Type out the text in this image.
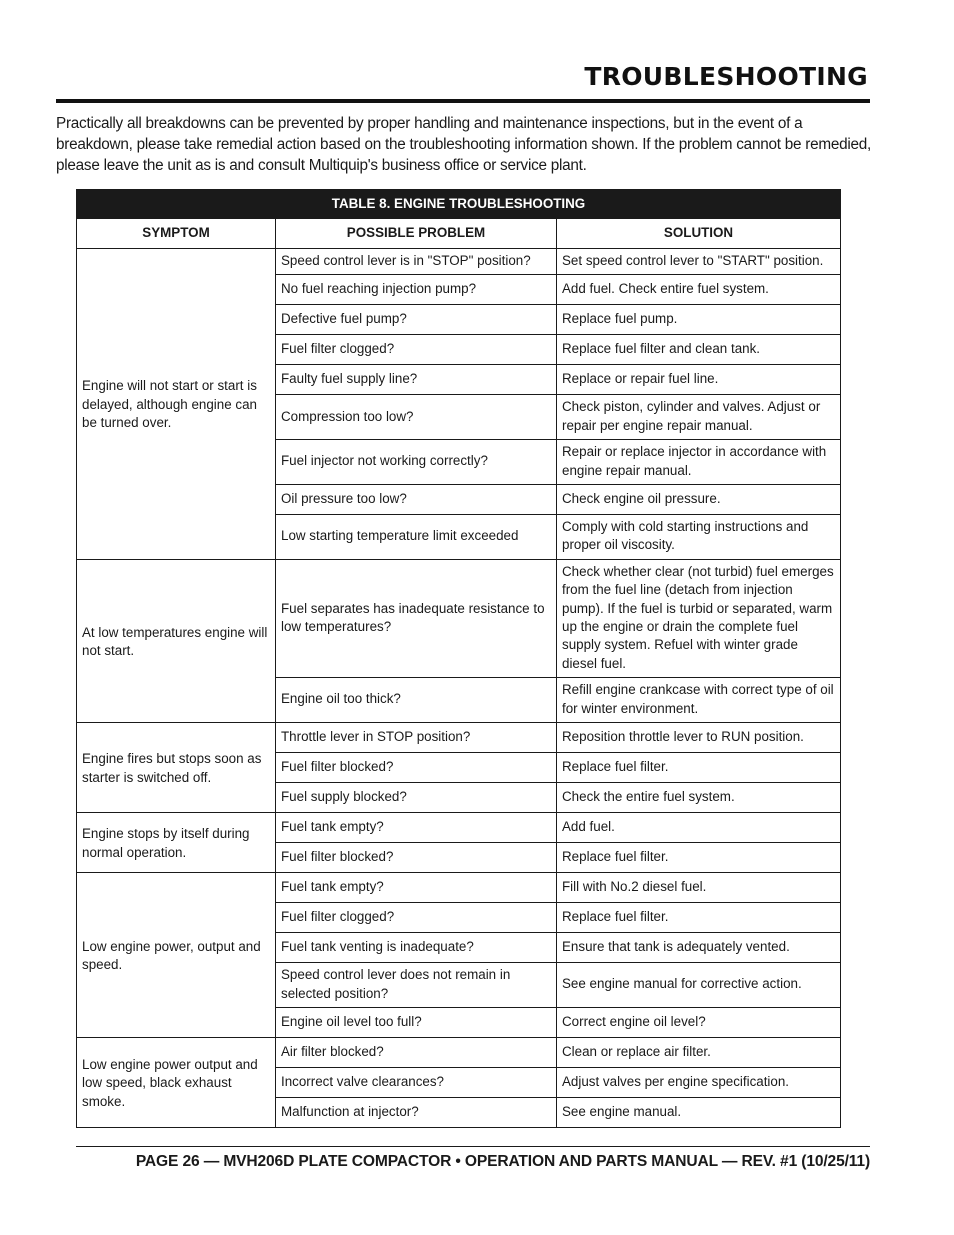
TROUBLESHOOTING

Practically all breakdowns can be prevented by proper handling and maintenance inspections, but in the event of a breakdown, please take remedial action based on the troubleshooting information shown. If the problem cannot be remedied, please leave the unit as is and consult Multiquip's business office or service plant.

TABLE 8. ENGINE TROUBLESHOOTING		
SYMPTOM	POSSIBLE PROBLEM	SOLUTION
Engine will not start or start is delayed, although engine can be turned over.	Speed control lever is in "STOP" position?	Set speed control lever to "START" position.
	No fuel reaching injection pump?	Add fuel. Check entire fuel system.
	Defective fuel pump?	Replace fuel pump.
	Fuel filter clogged?	Replace fuel filter and clean tank.
	Faulty fuel supply line?	Replace or repair fuel line.
	Compression too low?	Check piston, cylinder and valves. Adjust or repair per engine repair manual.
	Fuel injector not working correctly?	Repair or replace injector in accordance with engine repair manual.
	Oil pressure too low?	Check engine oil pressure.
	Low starting temperature limit exceeded	Comply with cold starting instructions and proper oil viscosity.
At low temperatures engine will not start.	Fuel separates has inadequate resistance to low temperatures?	Check whether clear (not turbid) fuel emerges from the fuel line (detach from injection pump). If the fuel is turbid or separated, warm up the engine or drain the complete fuel supply system. Refuel with winter grade diesel fuel.
	Engine oil too thick?	Refill engine crankcase with correct type of oil for winter environment.
Engine fires but stops soon as starter is switched off.	Throttle lever in STOP position?	Reposition throttle lever to RUN position.
	Fuel filter blocked?	Replace fuel filter.
	Fuel supply blocked?	Check the entire fuel system.
Engine stops by itself during normal operation.	Fuel tank empty?	Add fuel.
	Fuel filter blocked?	Replace fuel filter.
Low engine power, output and speed.	Fuel tank empty?	Fill with No.2 diesel fuel.
	Fuel filter clogged?	Replace fuel filter.
	Fuel tank venting is inadequate?	Ensure that tank is adequately vented.
	Speed control lever does not remain in selected position?	See engine manual for corrective action.
	Engine oil level too full?	Correct engine oil level?
Low engine power output and low speed, black exhaust smoke.	Air filter blocked?	Clean or replace air filter.
	Incorrect valve clearances?	Adjust valves per engine specification.
	Malfunction at injector?	See engine manual.
PAGE 26 — MVH206D PLATE COMPACTOR • OPERATION AND PARTS MANUAL — REV. #1 (10/25/11)
